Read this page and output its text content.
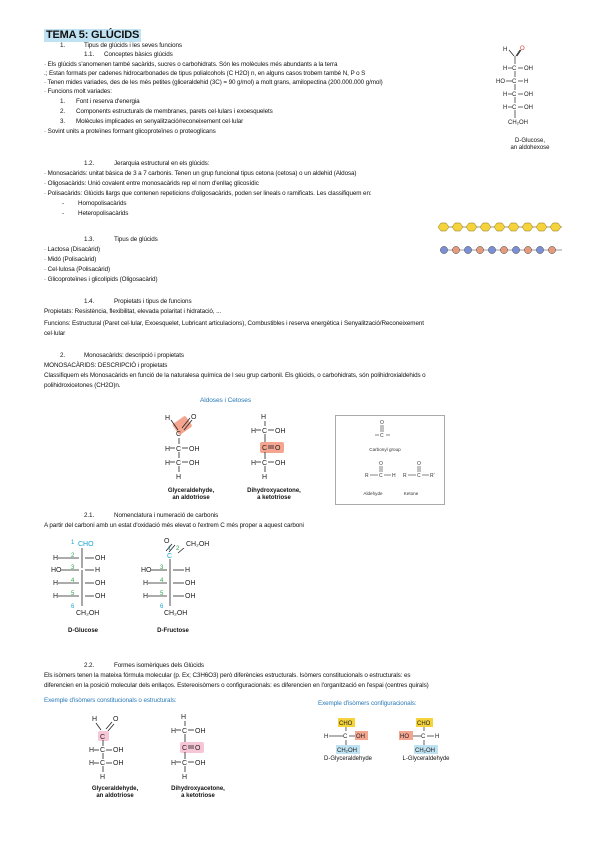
TEMA 5: GLÚCIDS
1.	Tipus de glúcids i les seves funcions
1.1. Conceptes bàsics glúcids
· Els glúcids s'anomenen també sacàrids, sucres o carbohidrats. Són les molècules més abundants a la terra
.; Estan formats per cadenes hidrocarbonades de tipus polialcohols (C H2O) n, en alguns casos trobem també N, P o S
· Tenen mides variades, des de les més petites (gliceraldehid (3C) = 90 g/mol) a molt grans, amilopectina (200.000.000 g/mol)
· Funcions molt variades:
1. Font i reserva d'energia
2. Components estructurals de membranes, parets cel·lulars i exoesquelets
3. Molècules implicades en senyalització/reconeixement cel·lular
· Sovint units a proteïnes formant glicoproteïnes o proteoglicans
H O
C OH
H
C H
HO
C OH
H
C OH
H
CH₂OH
D-Glucose,
an aldohexose
1.2.	Jerarquia estructural en els glúcids:
· Monosacàrids: unitat bàsica de 3 a 7 carbonis. Tenen un grup funcional tipus cetona (cetosa) o un aldehid (Aldosa)
· Oligosacàrids: Unió covalent entre monosacàrids rep el nom d'enllaç glicosídic
· Polisacàrids: Glúcids llargs que contenen repeticions d'oligosacàrids, poden ser lineals o ramificats. Les classifiquem en:
- Homopolisacàrids
- Heteropolisacàrids
1.3.	Tipus de glúcids
· Lactosa (Disacàrid)
· Midó (Polisacàrid)
· Cel·lulosa (Polisacàrid)
· Glicoproteïnes i glicolípids (Oligosacàrid)
1.4.	Propietats i tipus de funcions
Propietats: Resistència, flexibilitat, elevada polaritat i hidratació, ...
Funcions: Estructural (Paret cel·lular, Exoesquelet, Lubricant articulacions), Combustibles i reserva energètica i Senyalització/Reconeixement
cel·lular
2.	Monosacàrids: descripció i propietats
MONOSACÀRIDS: DESCRIPCIÓ i propietats
Classifiquem els Monosacàrids en funció de la naturalesa química de l seu grup carbonil. Els glúcids, o carbohidrats, són polihidroxialdehids o
polihidroxicetones (CH2O)n.
Aldoses i Cetoses
H	O
C
C OH
H
C OH
H
H
Glyceraldehyde,
an aldotriose
H
H C OH
C O
H C OH
H
Dihydroxyacetone,
a ketotriose
O
C
O
C
R	H
O
C
R	R'
Carbonyl group
Aldehyde	Ketone
2.1.	Nomenclatura i numeració de carbonis
A partir del carboni amb un estat d'oxidació més elevat o l'extrem C més proper a aquest carboni
1 CHO
2
H	OH
3
HO	H
4
H	OH
5
H	OH
6
CH₂OH
D-Glucose
1
CH₂OH
2
C
O
3
HO	H
4
H	OH
5
H	OH
6
CH₂OH
D-Fructose
2.2.	Formes isomèriques dels Glúcids
Els isòmers tenen la mateixa fórmula molecular (p. Ex; C3H6O3) però diferències estructurals. Isòmers constitucionals o estructurals: es
diferencien en la posició molecular dels enllaços. Estereoisòmers o configuracionals: es diferencien en l'organització en l'espai (centres quirals)
Exemple d'isòmers constitucionals o estructurals:	Exemple d'isòmers configuracionals:
H O
C
H C OH
H C OH
H
Glyceraldehyde,
an aldotriose
H
H C OH
C O
H C OH
H
Dihydroxyacetone,
a ketotriose
CHO
H C OH
CH₂OH
D-Glyceraldehyde
CHO
HO C H
CH₂OH
L-Glyceraldehyde
